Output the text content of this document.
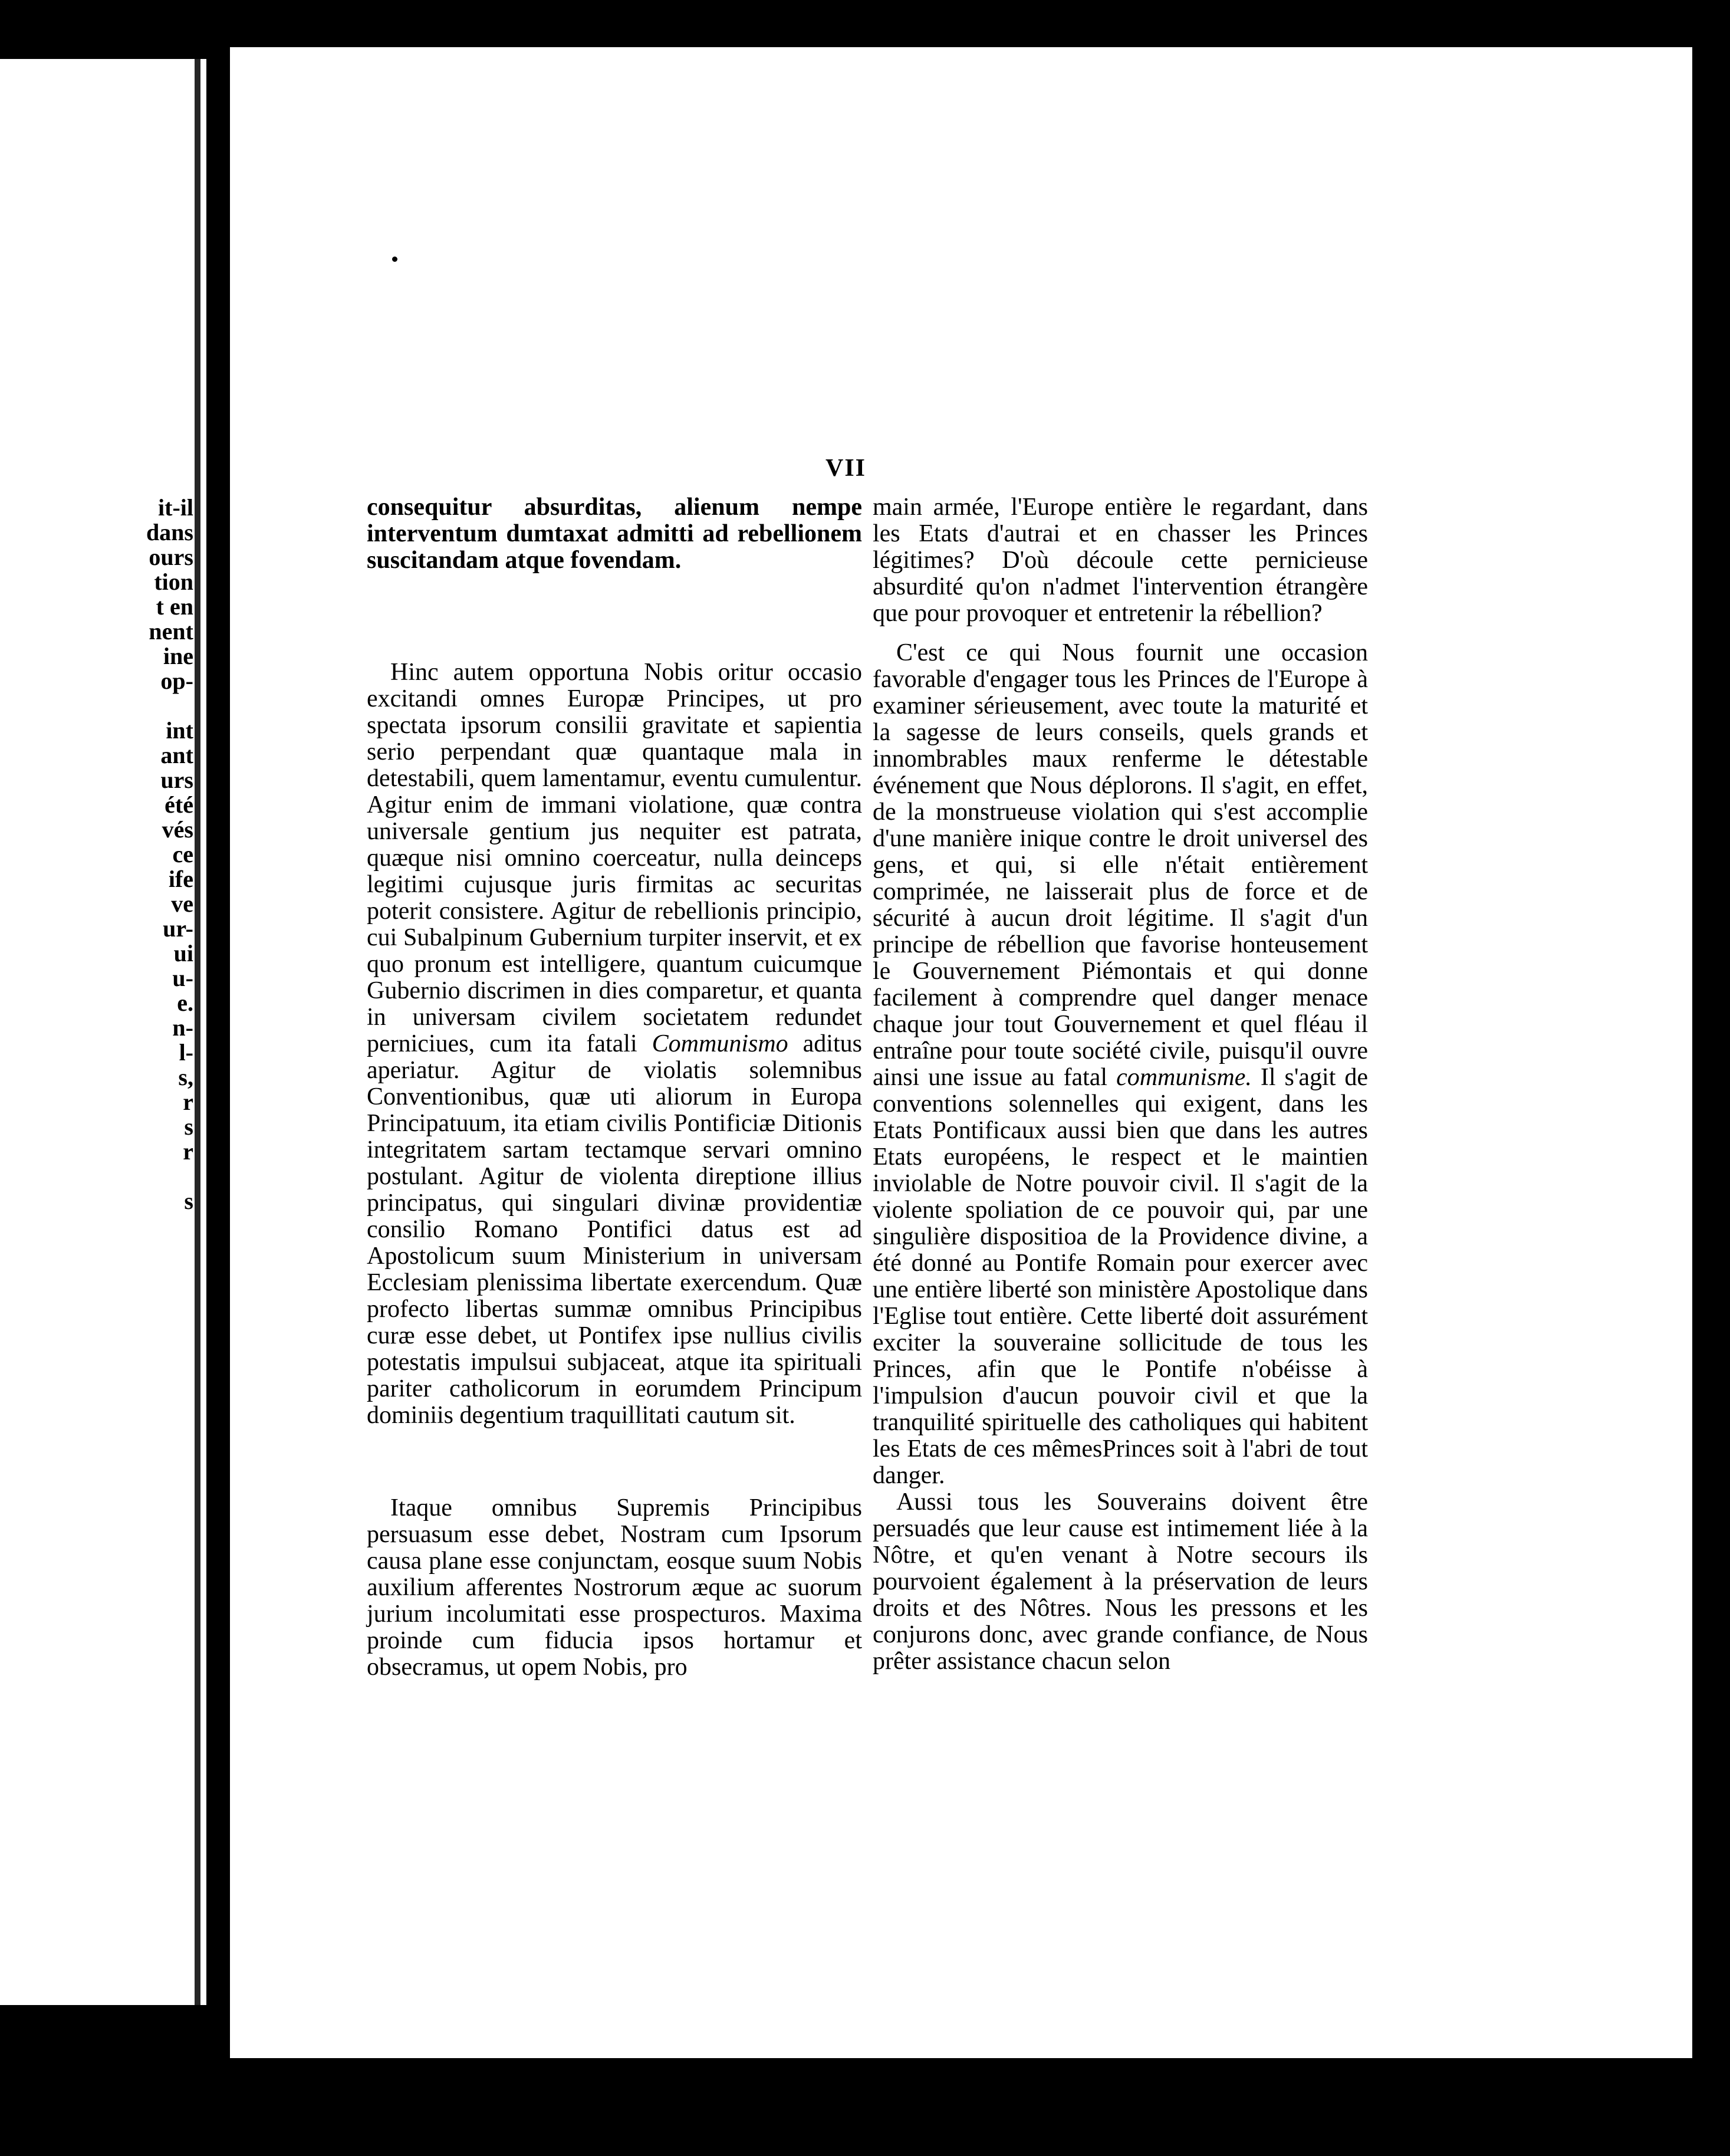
it-il
dans
ours
tion
t en
nent
ine
op-
int
ant
urs
été
vés
ce
ife
ve
ur-
ui
u-
e.
n-
l-
s,
r
s
r
s
VII

consequitur absurditas, alienum nempe interventum dumtaxat admitti ad rebellionem suscitandam atque fovendam.

Hinc autem opportuna Nobis oritur occasio excitandi omnes Europæ Principes, ut pro spectata ipsorum consilii gravitate et sapientia serio perpendant quæ quantaque mala in detestabili, quem lamentamur, eventu cumulentur. Agitur enim de immani violatione, quæ contra universale gentium jus nequiter est patrata, quæque nisi omnino coerceatur, nulla deinceps legitimi cujusque juris firmitas ac securitas poterit consistere. Agitur de rebellionis principio, cui Subalpinum Gubernium turpiter inservit, et ex quo pronum est intelligere, quantum cuicumque Gubernio discrimen in dies comparetur, et quanta in universam civilem societatem redundet perniciues, cum ita fatali Communismo aditus aperiatur. Agitur de violatis solemnibus Conventionibus, quæ uti aliorum in Europa Principatuum, ita etiam civilis Pontificiæ Ditionis integritatem sartam tectamque servari omnino postulant. Agitur de violenta direptione illius principatus, qui singulari divinæ providentiæ consilio Romano Pontifici datus est ad Apostolicum suum Ministerium in universam Ecclesiam plenissima libertate exercendum. Quæ profecto libertas summæ omnibus Principibus curæ esse debet, ut Pontifex ipse nullius civilis potestatis impulsui subjaceat, atque ita spirituali pariter catholicorum in eorumdem Principum dominiis degentium traquillitati cautum sit.

Itaque omnibus Supremis Principibus persuasum esse debet, Nostram cum Ipsorum causa plane esse conjunctam, eosque suum Nobis auxilium afferentes Nostrorum æque ac suorum jurium incolumitati esse prospecturos. Maxima proinde cum fiducia ipsos hortamur et obsecramus, ut opem Nobis, pro

main armée, l'Europe entière le regardant, dans les Etats d'autrai et en chasser les Princes légitimes? D'où découle cette pernicieuse absurdité qu'on n'admet l'intervention étrangère que pour provoquer et entretenir la rébellion?

C'est ce qui Nous fournit une occasion favorable d'engager tous les Princes de l'Europe à examiner sérieusement, avec toute la maturité et la sagesse de leurs conseils, quels grands et innombrables maux renferme le détestable événement que Nous déplorons. Il s'agit, en effet, de la monstrueuse violation qui s'est accomplie d'une manière inique contre le droit universel des gens, et qui, si elle n'était entièrement comprimée, ne laisserait plus de force et de sécurité à aucun droit légitime. Il s'agit d'un principe de rébellion que favorise honteusement le Gouvernement Piémontais et qui donne facilement à comprendre quel danger menace chaque jour tout Gouvernement et quel fléau il entraîne pour toute société civile, puisqu'il ouvre ainsi une issue au fatal communisme. Il s'agit de conventions solennelles qui exigent, dans les Etats Pontificaux aussi bien que dans les autres Etats européens, le respect et le maintien inviolable de Notre pouvoir civil. Il s'agit de la violente spoliation de ce pouvoir qui, par une singulière dispositioa de la Providence divine, a été donné au Pontife Romain pour exercer avec une entière liberté son ministère Apostolique dans l'Eglise tout entière. Cette liberté doit assurément exciter la souveraine sollicitude de tous les Princes, afin que le Pontife n'obéisse à l'impulsion d'aucun pouvoir civil et que la tranquilité spirituelle des catholiques qui habitent les Etats de ces mêmesPrinces soit à l'abri de tout danger.

Aussi tous les Souverains doivent être persuadés que leur cause est intimement liée à la Nôtre, et qu'en venant à Notre secours ils pourvoient également à la préservation de leurs droits et des Nôtres. Nous les pressons et les conjurons donc, avec grande confiance, de Nous prêter assistance chacun selon
